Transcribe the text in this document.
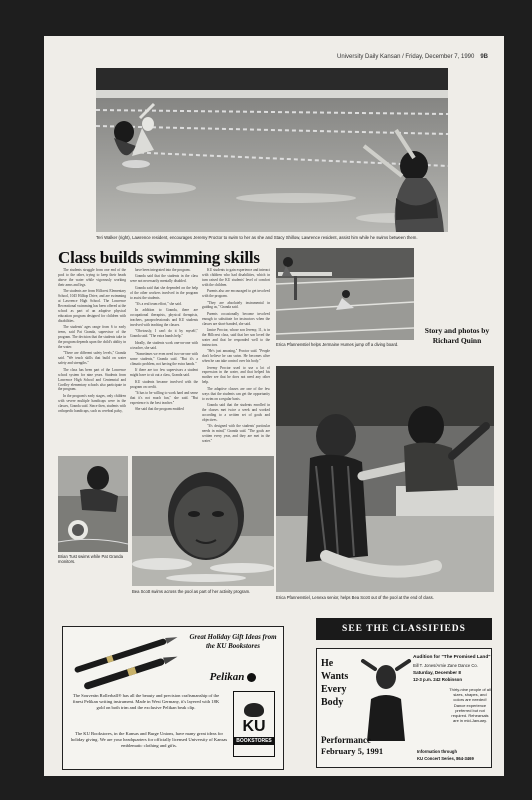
University Daily Kansan / Friday, December 7, 1990 9B
Teri Walker (right), Lawrence resident, encourages Jeremy Proctor to swim to her as she and Stacy Shillow, Lawrence resident, assist him while he swims between them.
Class builds swimming skills

The students struggle from one end of the pool to the other, trying to keep their heads above the water while vigorously working their arms and legs.

The students are from Hillcrest Elementary School, 1045 Hilltop Drive, and are swimming at Lawrence High School. The Lawrence Recreational swimming has been offered at the school as part of an adaptive physical education program designed for children with disabilities.

The students' ages range from 6 to early teens, said Pat Granda, supervisor of the program. The decision that the students take in the program depends upon the child's ability in the water.

"There are different safety levels," Granda said. "We teach skills that build on water safety and strengths."

The class has been part of the Lawrence school system for nine years. Students from Lawrence High School and Centennial and Cordley elementary schools also participate in the program.

In the program's early stages, only children with severe multiple handicaps were in the classes, Granda said. Since then, students with orthopedic handicaps, such as cerebral palsy,

have been integrated into the program.

Granda said that the students in the class were not necessarily mentally disabled.

Granda said that she depended on the help of the other workers involved in the program to assist the students.

"It's a real team effort," she said.

In addition to Granda, there are occupational therapists, physical therapists, teachers, paraprofessionals and KU students involved with teaching the classes.

"Obviously, I can't do it by myself," Granda said. "The extra hands help."

Ideally, the students work one-on-one with a teacher, she said.

"Sometimes we even need two-on-one with some students," Granda said. "But it's a climatic problem, not having the extra hands."

If there are too few supervisors a student might have to sit out a class, Granda said.

KU students became involved with the program on credit.

"It has to be willing to work hard and sense that it's not much fun," she said. "But experience is the best teacher."

She said that the program enabled

KU students to gain experience and interact with children who had disabilities, which in turn raised the KU students' level of comfort with the children.

Parents also are encouraged to get involved with the program.

"They are absolutely instrumental in guiding us," Granda said.

Parents occasionally become involved enough to substitute for instructors when the classes are short-handed, she said.

Janice Proctor, whose son Jeremy, 11, is in the Hillcrest class, said that her son loved the water and that he responded well to the instructors.

"He's just amazing," Proctor said. "People don't believe he can swim. He becomes alive when he can take control over his body."

Jeremy Proctor used to use a lot of expression in the water, and that helped his mother see that he does not need any other help.

The adaptive classes are one of the few ways that the students can get the opportunity to swim on a regular basis.

Granda said that the students enrolled in the classes met twice a week and worked according to a written set of goals and objectives.

"It's designed with the students' particular needs in mind," Granda said. "The goals are written every year, and they are met in the water."

Erica Pfannenstiel helps Jermaine Humes jump off a diving board.
Story and photos by Richard Quinn
Brian Tust swims while Pat Granda monitors.
Bea Scott swims across the pool as part of her activity program.
Erica Pfannenstiel, Lenexa senior, helps Bea Scott out of the pool at the end of class.
Great Holiday Gift Ideas from the KU Bookstores
Pelikan
The Souverän Rollerball® has all the beauty and precision craftsmanship of the finest Pelikan writing instrument. Made in West Germany, it's layered with 18K gold on both trim and the exclusive Pelikan beak clip.
KU
BOOKSTORES
The KU Bookstores, in the Kansas and Burge Unions, have many great ideas for holiday giving. We are your headquarters for officially licensed University of Kansas emblematic clothing and gifts.
SEE THE CLASSIFIEDS
He
Wants
Every
Body
Audition for "The Promised Land"
Bill T. Jones/Arnie Zane Dance Co.
Saturday, December 8
12-3 p.m. 242 Robinson
Thirty-nine people of all sizes, shapes, and colors are needed! Dance experience preferred but not required. Rehearsals are in mid-January.
Performance
February 5, 1991	Information through
KU Concert Series, 864-3469
